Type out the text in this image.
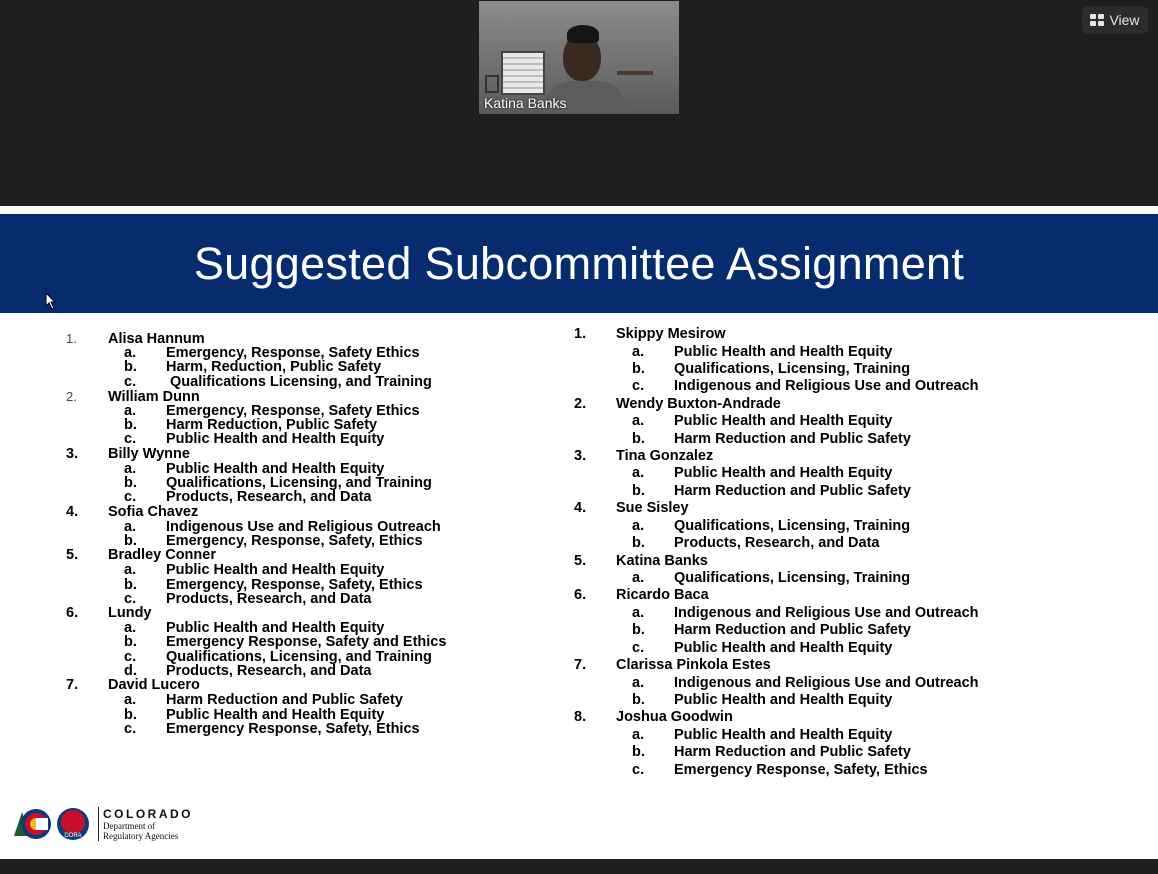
Katina Banks
View
Suggested Subcommittee Assignment
1.	Alisa Hannum
a.	Emergency, Response, Safety Ethics
b.	Harm, Reduction, Public Safety
c.	Qualifications Licensing, and Training
2.	William Dunn
a.	Emergency, Response, Safety Ethics
b.	Harm Reduction, Public Safety
c.	Public Health and Health Equity
3.	Billy Wynne
a.	Public Health and Health Equity
b.	Qualifications, Licensing, and Training
c.	Products, Research, and Data
4.	Sofia Chavez
a.	Indigenous Use and Religious Outreach
b.	Emergency, Response, Safety, Ethics
5.	Bradley Conner
a.	Public Health and Health Equity
b.	Emergency, Response, Safety, Ethics
c.	Products, Research, and Data
6.	Lundy
a.	Public Health and Health Equity
b.	Emergency Response, Safety and Ethics
c.	Qualifications, Licensing, and Training
d.	Products, Research, and Data
7.	David Lucero
a.	Harm Reduction and Public Safety
b.	Public Health and Health Equity
c.	Emergency Response, Safety, Ethics
1.	Skippy Mesirow
a.	Public Health and Health Equity
b.	Qualifications, Licensing, Training
c.	Indigenous and Religious Use and Outreach
2.	Wendy Buxton-Andrade
a.	Public Health and Health Equity
b.	Harm Reduction and Public Safety
3.	Tina Gonzalez
a.	Public Health and Health Equity
b.	Harm Reduction and Public Safety
4.	Sue Sisley
a.	Qualifications, Licensing, Training
b.	Products, Research, and Data
5.	Katina Banks
a.	Qualifications, Licensing, Training
6.	Ricardo Baca
a.	Indigenous and Religious Use and Outreach
b.	Harm Reduction and Public Safety
c.	Public Health and Health Equity
7.	Clarissa Pinkola Estes
a.	Indigenous and Religious Use and Outreach
b.	Public Health and Health Equity
8.	Joshua Goodwin
a.	Public Health and Health Equity
b.	Harm Reduction and Public Safety
c.	Emergency Response, Safety, Ethics
DORA
COLORADO
Department of
Regulatory Agencies
